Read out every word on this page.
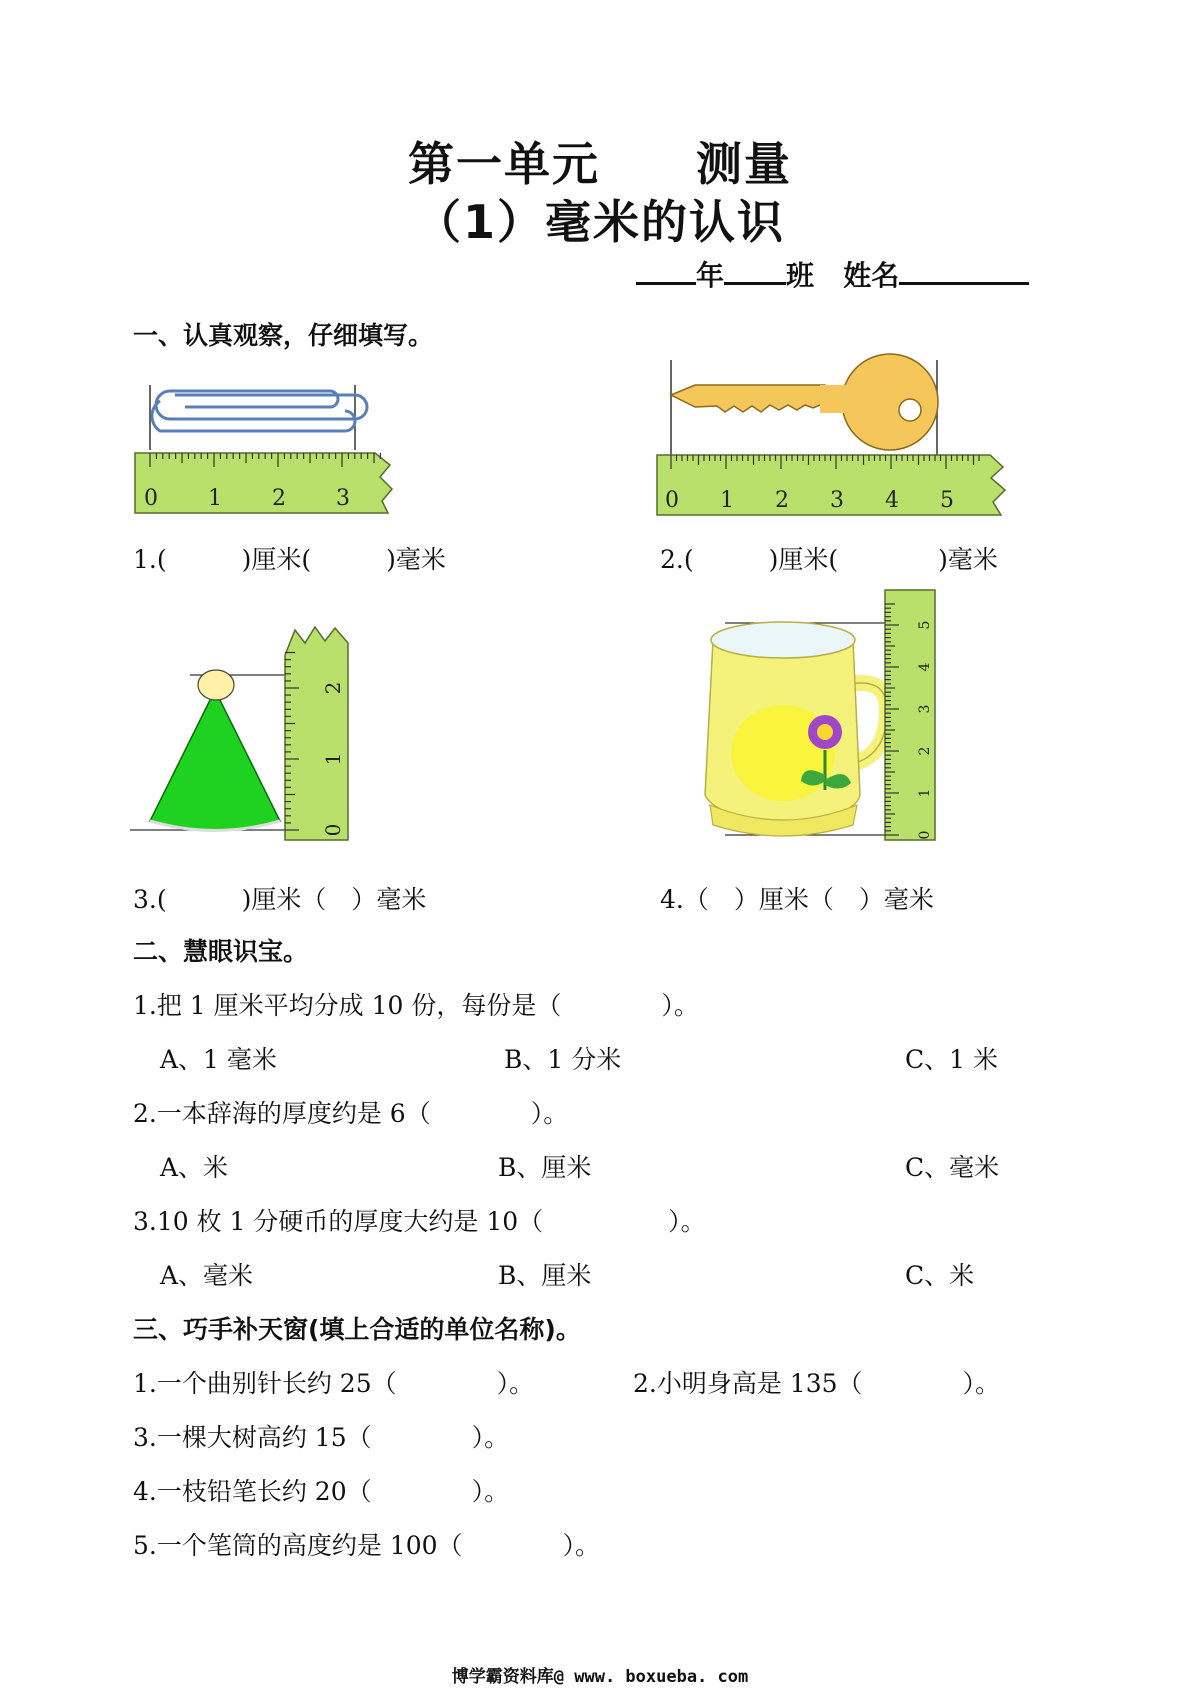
第一单元　　测量
（1）毫米的认识
年 班 姓名
一、认真观察，仔细填写。
0 1 2 3
1.(　　　)厘米(　　　)毫米
0 1 2 3 4 5
2.(　　　)厘米(　　　　)毫米
0
1
2
3.(　　　)厘米（　）毫米
0
1
2
3
4
5
4.（　）厘米（　）毫米
二、慧眼识宝。
1.把 1 厘米平均分成 10 份，每份是（　　　　）。
A、1 毫米	B、1 分米	C、1 米
2.一本辞海的厚度约是 6（　　　　）。
A、米	B、厘米	C、毫米
3.10 枚 1 分硬币的厚度大约是 10（　　　　　）。
A、毫米	B、厘米	C、米
三、巧手补天窗(填上合适的单位名称)。
1.一个曲别针长约 25（　　　　）。	2.小明身高是 135（　　　　）。
3.一棵大树高约 15（　　　　）。
4.一枝铅笔长约 20（　　　　）。
5.一个笔筒的高度约是 100（　　　　）。
博学霸资料库@ www. boxueba. com
